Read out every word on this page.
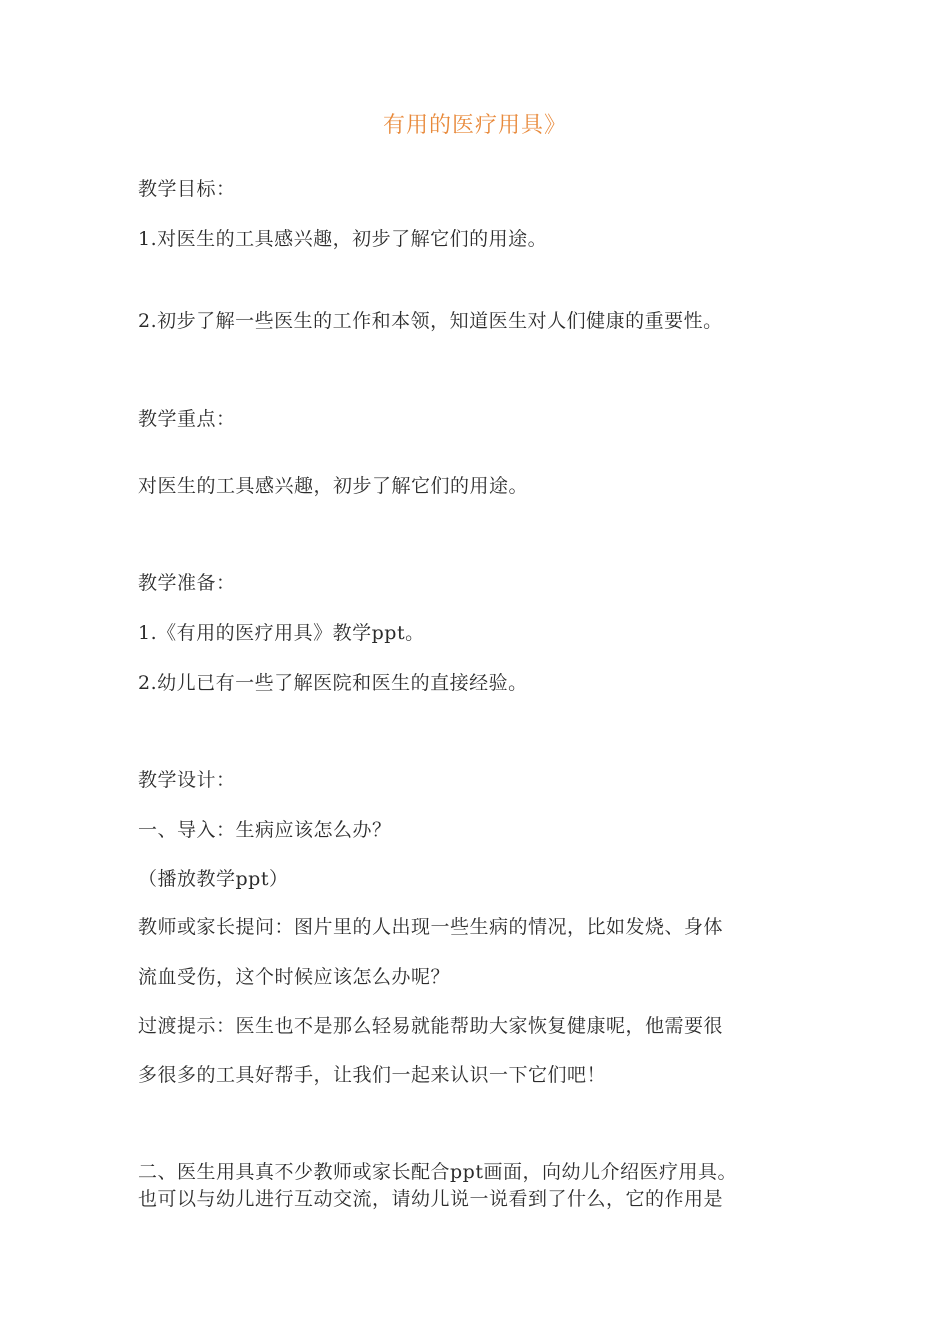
有用的医疗用具》
教学目标：
1.对医生的工具感兴趣，初步了解它们的用途。
2.初步了解一些医生的工作和本领，知道医生对人们健康的重要性。
教学重点：
对医生的工具感兴趣，初步了解它们的用途。
教学准备：
1.《有用的医疗用具》教学ppt。
2.幼儿已有一些了解医院和医生的直接经验。
教学设计：
一、导入：生病应该怎么办？
（播放教学ppt）
教师或家长提问：图片里的人出现一些生病的情况，比如发烧、身体
流血受伤，这个时候应该怎么办呢？
过渡提示：医生也不是那么轻易就能帮助大家恢复健康呢，他需要很
多很多的工具好帮手，让我们一起来认识一下它们吧！
二、医生用具真不少教师或家长配合ppt画面，向幼儿介绍医疗用具。
也可以与幼儿进行互动交流，请幼儿说一说看到了什么，它的作用是
